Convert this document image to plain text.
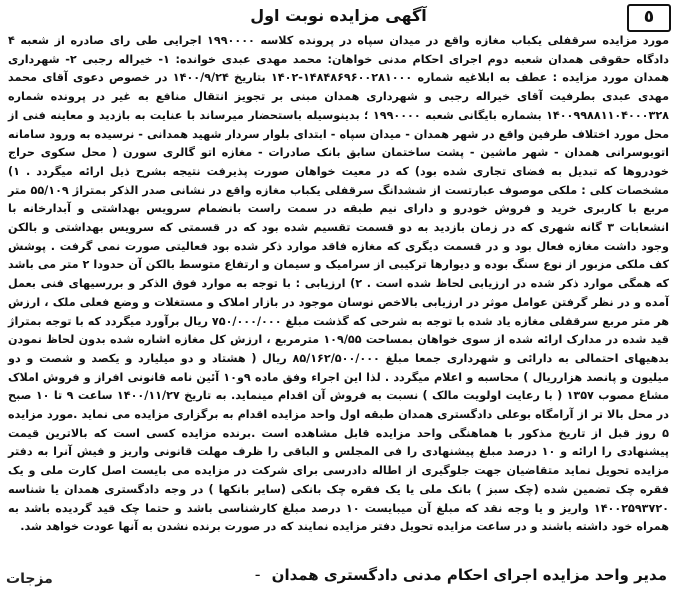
٥
آگهی مزایده نوبت اول

مورد مزایده سرقفلی یکباب مغازه واقع در میدان سپاه در پرونده کلاسه ۱۹۹۰۰۰۰ اجرایی طی رای صادره از شعبه ۴ دادگاه حقوقی همدان شعبه دوم اجرای احکام مدنی خواهان: محمد مهدی عبدی خوانده: ۱- خیراله رجبی ۲- شهرداری همدان مورد مزایده : عطف به ابلاغیه شماره ۱۴۸۴۸۶۹۶۰۰۲۸۱۰۰۰-۱۴۰۲ بتاریخ ۱۴۰۰/۹/۲۴ در خصوص دعوی آقای محمد مهدی عبدی بطرفیت آقای خیراله رجبی و شهرداری همدان مبنی بر تجویز انتقال منافع به غیر در پرونده شماره ۱۴۰۰۹۹۸۸۱۱۰۴۰۰۰۳۲۸ بشماره بایگانی شعبه ۱۹۹۰۰۰۰ ؛ بدینوسیله باستحضار میرساند با عنایت به بازدید و معاینه فنی از محل مورد اختلاف طرفین واقع در شهر همدان - میدان سپاه - ابتدای بلوار سردار شهید همدانی - نرسیده به ورود سامانه اتوبوسرانی همدان - شهر ماشین - پشت ساختمان سابق بانک صادرات - مغازه اتو گالری سورن ( محل سکوی حراج خودروها که تبدیل به فضای تجاری شده بود) که در معیت خواهان صورت پذیرفت نتیجه بشرح ذیل ارائه میگردد . ۱) مشخصات کلی : ملکی موصوف عبارتست از ششدانگ سرقفلی یکباب مغازه واقع در نشانی صدر الذکر بمتراژ ۵۵/۱۰۹ متر مربع با کاربری خرید و فروش خودرو و دارای نیم طبقه در سمت راست بانضمام سرویس بهداشتی و آبدارخانه با انشعابات ۳ گانه شهری که در زمان بازدید به دو قسمت تقسیم شده بود که در قسمتی که سرویس بهداشتی و بالکن وجود داشت مغازه فعال بود و در قسمت دیگری که مغازه فاقد موارد ذکر شده بود فعالیتی صورت نمی گرفت . پوشش کف ملکی مزبور از نوع سنگ بوده و دیوارها ترکیبی از سرامیک و سیمان و ارتفاع متوسط بالکن آن حدودا ۲ متر می باشد که همگی موارد ذکر شده در ارزیابی لحاظ شده است . ۲) ارزیابی : با توجه به موارد فوق الذکر و بررسیهای فنی بعمل آمده و در نظر گرفتن عوامل موثر در ارزیابی بالاخص نوسان موجود در بازار املاک و مستغلات و وضع فعلی ملک ، ارزش هر متر مربع سرقفلی مغازه یاد شده با توجه به شرحی که گذشت مبلغ ۷۵۰/۰۰۰/۰۰۰ ریال برآورد میگردد که با توجه بمتراژ قید شده در مدارک ارائه شده از سوی خواهان بمساحت ۱۰۹/۵۵ مترمربع ، ارزش کل مغازه اشاره شده بدون لحاظ نمودن بدهیهای احتمالی به دارائی و شهرداری جمعا مبلغ ۸۵/۱۶۲/۵۰۰/۰۰۰ ریال ( هشتاد و دو میلیارد و یکصد و شصت و دو میلیون و پانصد هزارریال ) محاسبه و اعلام میگردد . لذا این اجراء وفق ماده ۹و۱۰ آئین نامه قانونی افراز و فروش املاک مشاع مصوب ۱۳۵۷ ( با رعایت اولویت مالک ) نسبت به فروش آن اقدام مینماید. به تاریخ ۱۴۰۰/۱۱/۲۷ ساعت ۹ تا ۱۰ صبح در محل بالا تر از آرامگاه بوعلی دادگستری همدان طبقه اول واحد مزایده اقدام به برگزاری مزایده می نماید .مورد مزایده ۵ روز قبل از تاریخ مذکور با هماهنگی واحد مزایده قابل مشاهده است .برنده مزایده کسی است که بالاترین قیمت پیشنهادی را ارائه و ۱۰ درصد مبلغ پیشنهادی را فی المجلس و الباقی را ظرف مهلت قانونی واریز و فیش آنرا به دفتر مزایده تحویل نماید متقاضیان جهت جلوگیری از اطاله دادرسی برای شرکت در مزایده می بایست اصل کارت ملی و یک فقره چک تضمین شده (چک سبز ) بانک ملی یا یک فقره چک بانکی (سایر بانکها ) در وجه دادگستری همدان یا شناسه ۱۴۰۰۲۵۹۳۷۲۰ واریز و یا وجه نقد که مبلغ آن میبایست ۱۰ درصد مبلغ کارشناسی باشد و حتما چک قید گردیده باشد به همراه خود داشته باشند و در ساعت مزایده تحویل دفتر مزایده نمایند که در صورت برنده نشدن به آنها عودت خواهد شد.

مدیر واحد مزایده اجرای احکام مدنی دادگستری همدان -
مزجات
